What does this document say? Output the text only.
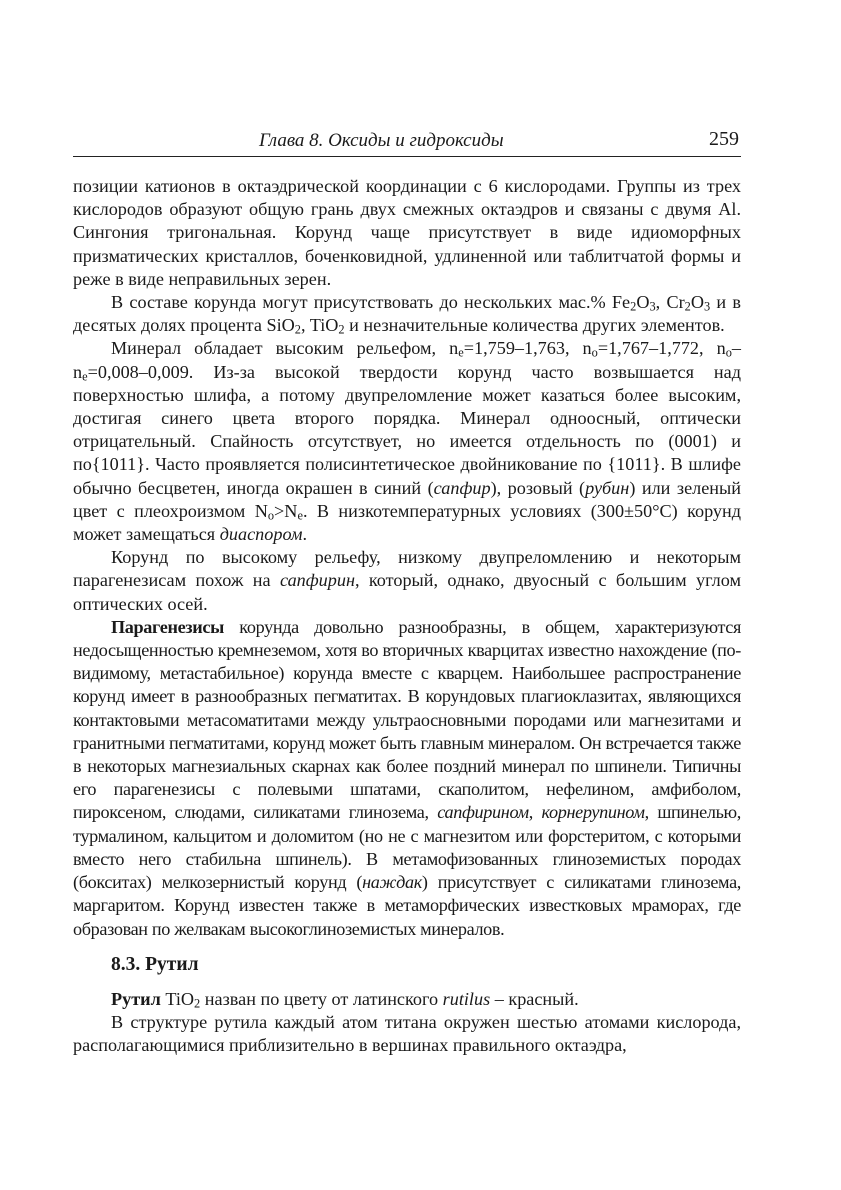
Глава 8. Оксиды и гидроксиды	259

позиции катионов в октаэдрической координации с 6 кислородами. Группы из трех кислородов образуют общую грань двух смежных октаэдров и связаны с двумя Al. Сингония тригональная. Корунд чаще присутствует в виде идиоморфных призматических кристаллов, боченковидной, удлиненной или таблитчатой формы и реже в виде неправильных зерен.

В составе корунда могут присутствовать до нескольких мас.% $Fe_2O_3$, $Cr_2O_3$ и в десятых долях процента SiO$_2$, TiO$_2$ и незначительные количества других элементов.

Минерал обладает высоким рельефом, $n_e=1,759-1,763$, $n_o=1,767-1,772$, $n_o-n_e=0,008-0,009$. Из-за высокой твердости корунд часто возвышается над поверхностью шлифа, а потому двупреломление может казаться более высоким, достигая синего цвета второго порядка. Минерал одноосный, оптически отрицательный. Спайность отсутствует, но имеется отдельность по (0001) и по{1011}. Часто проявляется полисинтетическое двойникование по {1011}. В шлифе обычно бесцветен, иногда окрашен в синий (сапфир), розовый (рубин) или зеленый цвет с плеохроизмом $N_o>N_e$. В низкотемпературных условиях (300±50°С) корунд может замещаться диаспором.

Корунд по высокому рельефу, низкому двупреломлению и некоторым парагенезисам похож на сапфирин, который, однако, двуосный с большим углом оптических осей.

Парагенезисы корунда довольно разнообразны, в общем, характеризуются недосыщенностью кремнеземом, хотя во вторичных кварцитах известно нахождение (по-видимому, метастабильное) корунда вместе с кварцем. Наибольшее распространение корунд имеет в разнообразных пегматитах. В корундовых плагиоклазитах, являющихся контактовыми метасоматитами между ультраосновными породами или магнезитами и гранитными пегматитами, корунд может быть главным минералом. Он встречается также в некоторых магнезиальных скарнах как более поздний минерал по шпинели. Типичны его парагенезисы с полевыми шпатами, скаполитом, нефелином, амфиболом, пироксеном, слюдами, силикатами глинозема, сапфирином, корнерупином, шпинелью, турмалином, кальцитом и доломитом (но не с магнезитом или форстеритом, с которыми вместо него стабильна шпинель). В метамофизованных глиноземистых породах (бокситах) мелкозернистый корунд (наждак) присутствует с силикатами глинозема, маргаритом. Корунд известен также в метаморфических известковых мраморах, где образован по желвакам высокоглиноземистых минералов.

8.3. Рутил

Рутил TiO$_2$ назван по цвету от латинского rutilus – красный.

В структуре рутила каждый атом титана окружен шестью атомами кислорода, располагающимися приблизительно в вершинах правильного октаэдра,
